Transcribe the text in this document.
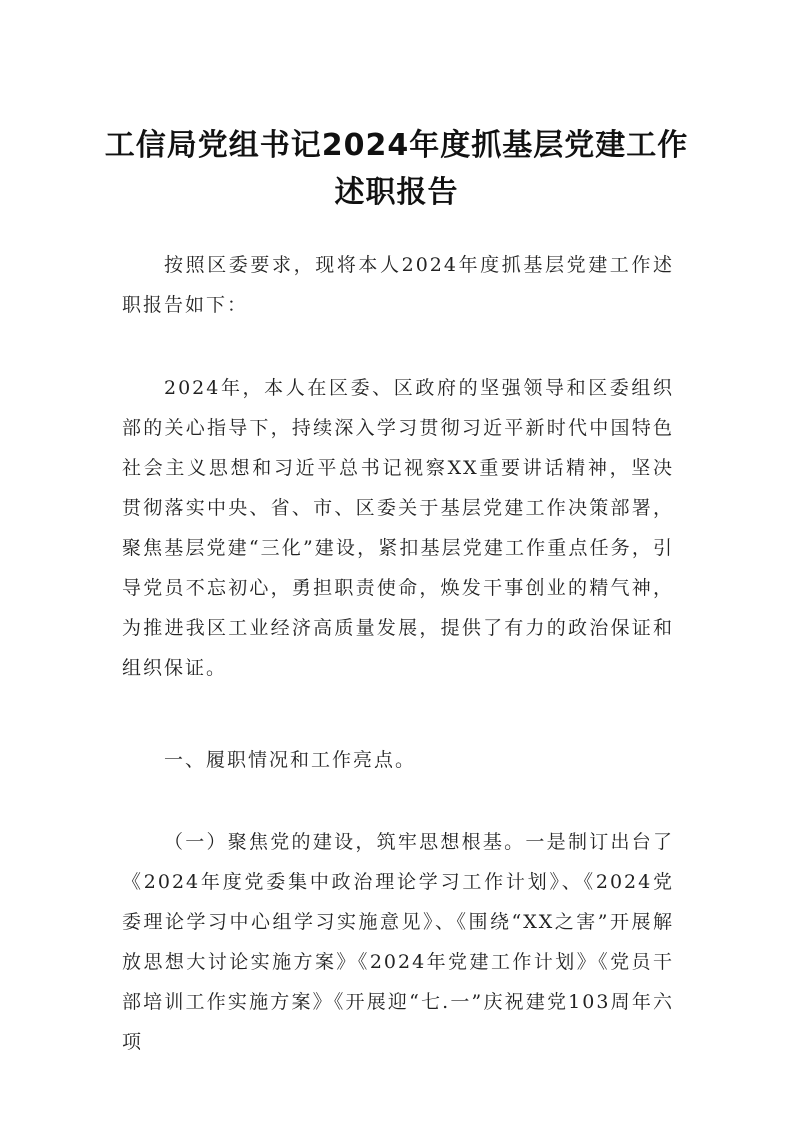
工信局党组书记2024年度抓基层党建工作
述职报告

按照区委要求，现将本人2024年度抓基层党建工作述职报告如下：

2024年，本人在区委、区政府的坚强领导和区委组织部的关心指导下，持续深入学习贯彻习近平新时代中国特色社会主义思想和习近平总书记视察XX重要讲话精神，坚决贯彻落实中央、省、市、区委关于基层党建工作决策部署，聚焦基层党建“三化”建设，紧扣基层党建工作重点任务，引导党员不忘初心，勇担职责使命，焕发干事创业的精气神，为推进我区工业经济高质量发展，提供了有力的政治保证和组织保证。

一、履职情况和工作亮点。

（一）聚焦党的建设，筑牢思想根基。一是制订出台了《2024年度党委集中政治理论学习工作计划》、《2024党委理论学习中心组学习实施意见》、《围绕“XX之害”开展解放思想大讨论实施方案》《2024年党建工作计划》《党员干部培训工作实施方案》《开展迎“七.一”庆祝建党103周年六项
